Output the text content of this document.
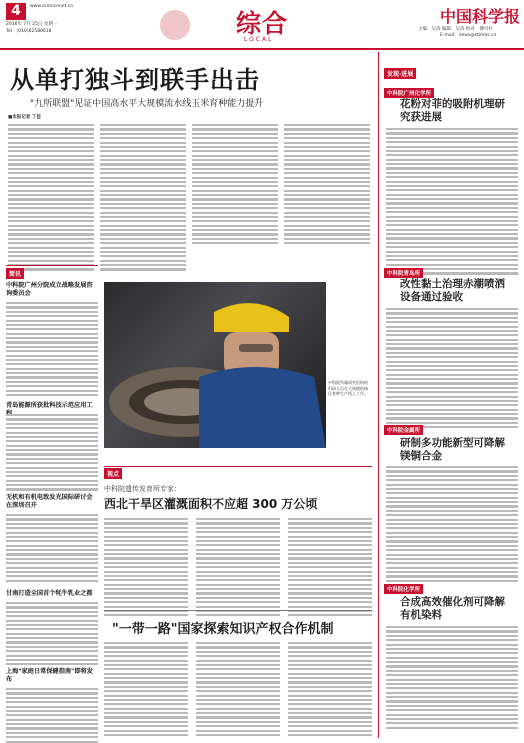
4	www.sciencenet.cn
2016年 7月 25日 星期一
Tel：(010)62580618	综合
LOCAL
中国科学报
主编：吴涛 编辑：吴涛 校对：傅可杉
E-mail：news@stimes.cn
从单打独斗到联手出击
"九所联盟"见证中国高水平大规模流水线玉米育种能力提升
■本报记者 丁佳
中科院所属研究机构的科研人员在大规模机械化育种生产线上工作。
简讯
中科院广州分院成立战略发展咨询委员会
青岛能源所获批科技示范应用工
无机和有机电致发光国际研讨会在深圳召开
甘南打造全国首个牦牛乳业之都
上海"家庭日常保健指南"即将发布
视点
中科院遗传发育所专家：
西北干旱区灌溉面积不应超 300 万公顷
"一带一路"国家探索知识产权合作机制
发现·进展
中科院广州化学所
花粉对菲的吸附机理研究获进展
中科院青岛所
改性黏土治理赤潮喷洒设备通过验收
中科院金属所
研制多功能新型可降解镁铜合金
中科院化学所
合成高效催化剂可降解有机染料
